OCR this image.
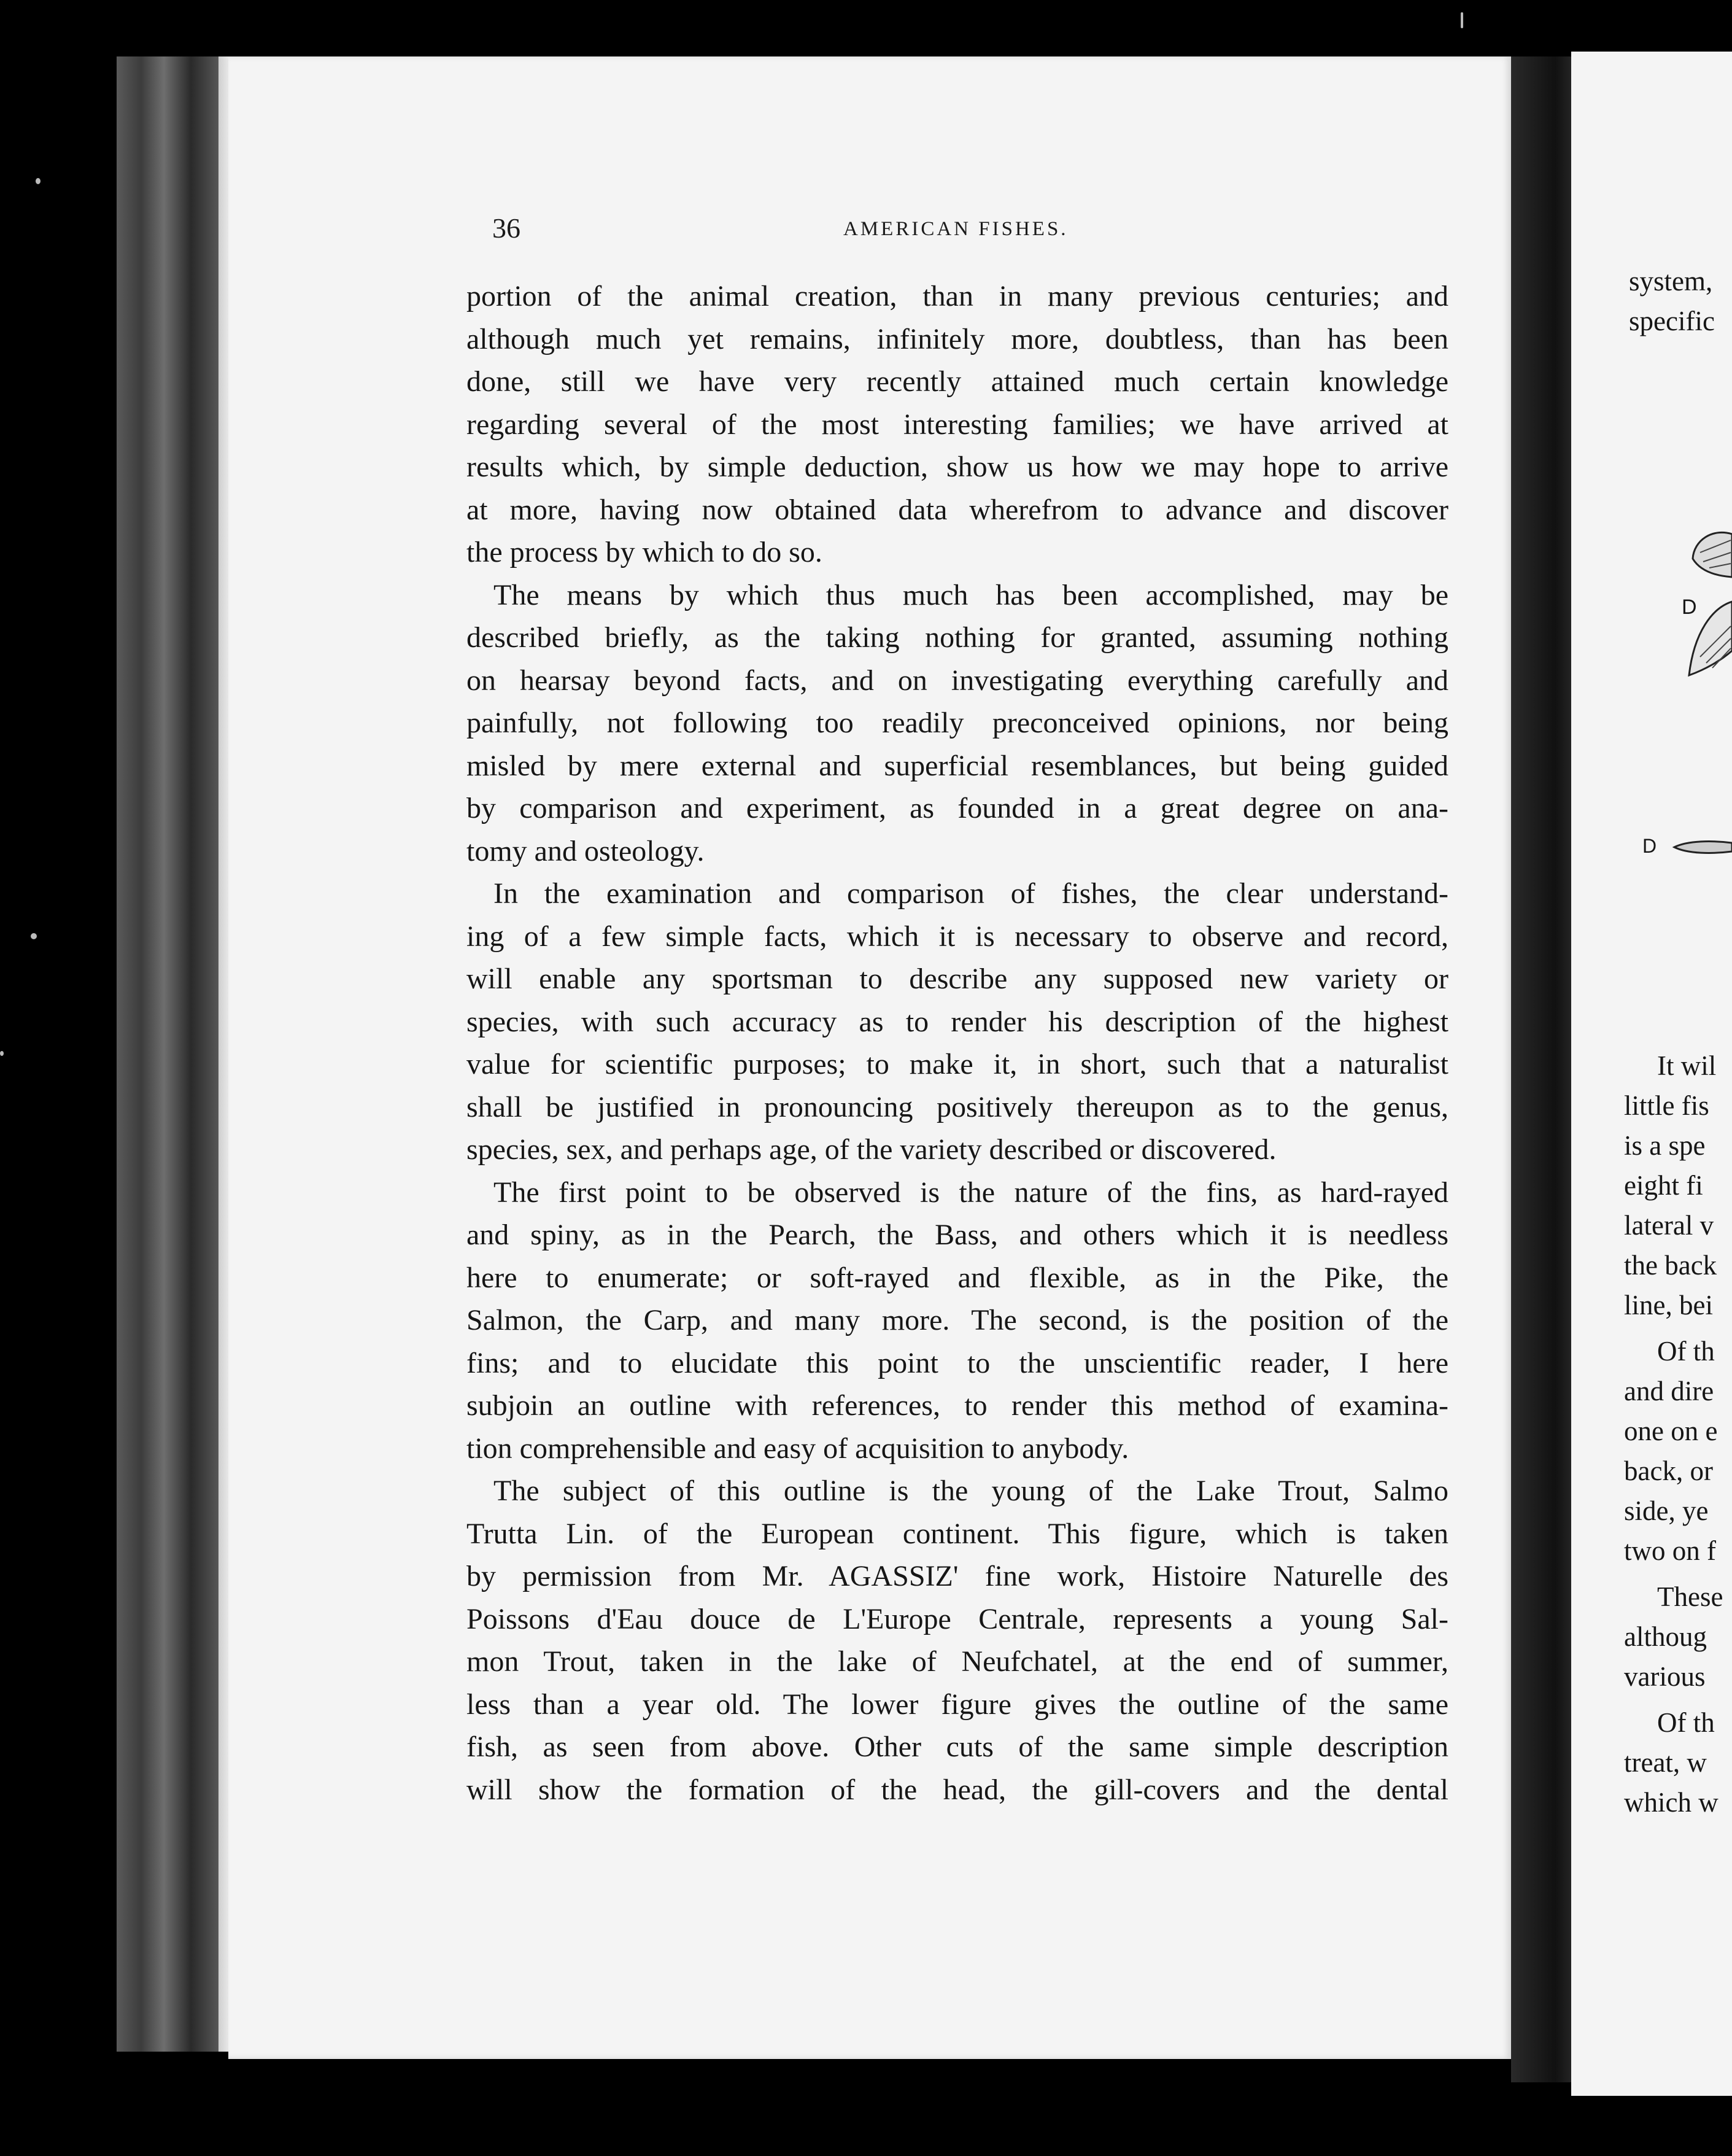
36	AMERICAN FISHES.
portion of the animal creation, than in many previous centuries; and
although much yet remains, infinitely more, doubtless, than has been
done, still we have very recently attained much certain knowledge
regarding several of the most interesting families; we have arrived at
results which, by simple deduction, show us how we may hope to arrive
at more, having now obtained data wherefrom to advance and discover
the process by which to do so.
The means by which thus much has been accomplished, may be
described briefly, as the taking nothing for granted, assuming nothing
on hearsay beyond facts, and on investigating everything carefully and
painfully, not following too readily preconceived opinions, nor being
misled by mere external and superficial resemblances, but being guided
by comparison and experiment, as founded in a great degree on ana-
tomy and osteology.
In the examination and comparison of fishes, the clear understand-
ing of a few simple facts, which it is necessary to observe and record,
will enable any sportsman to describe any supposed new variety or
species, with such accuracy as to render his description of the highest
value for scientific purposes; to make it, in short, such that a naturalist
shall be justified in pronouncing positively thereupon as to the genus,
species, sex, and perhaps age, of the variety described or discovered.
The first point to be observed is the nature of the fins, as hard-rayed
and spiny, as in the Pearch, the Bass, and others which it is needless
here to enumerate; or soft-rayed and flexible, as in the Pike, the
Salmon, the Carp, and many more. The second, is the position of the
fins; and to elucidate this point to the unscientific reader, I here
subjoin an outline with references, to render this method of examina-
tion comprehensible and easy of acquisition to anybody.
The subject of this outline is the young of the Lake Trout, Salmo
Trutta Lin. of the European continent. This figure, which is taken
by permission from Mr. AGASSIZ' fine work, Histoire Naturelle des
Poissons d'Eau douce de L'Europe Centrale, represents a young Sal-
mon Trout, taken in the lake of Neufchatel, at the end of summer,
less than a year old. The lower figure gives the outline of the same
fish, as seen from above. Other cuts of the same simple description
will show the formation of the head, the gill-covers and the dental
system,
specific
D
D
It wil
little fis
is a spe
eight fi
lateral v
the back
line, bei
Of th
and dire
one on e
back, or
side, ye
two on f
These
althoug
various
Of th
treat, w
which w
